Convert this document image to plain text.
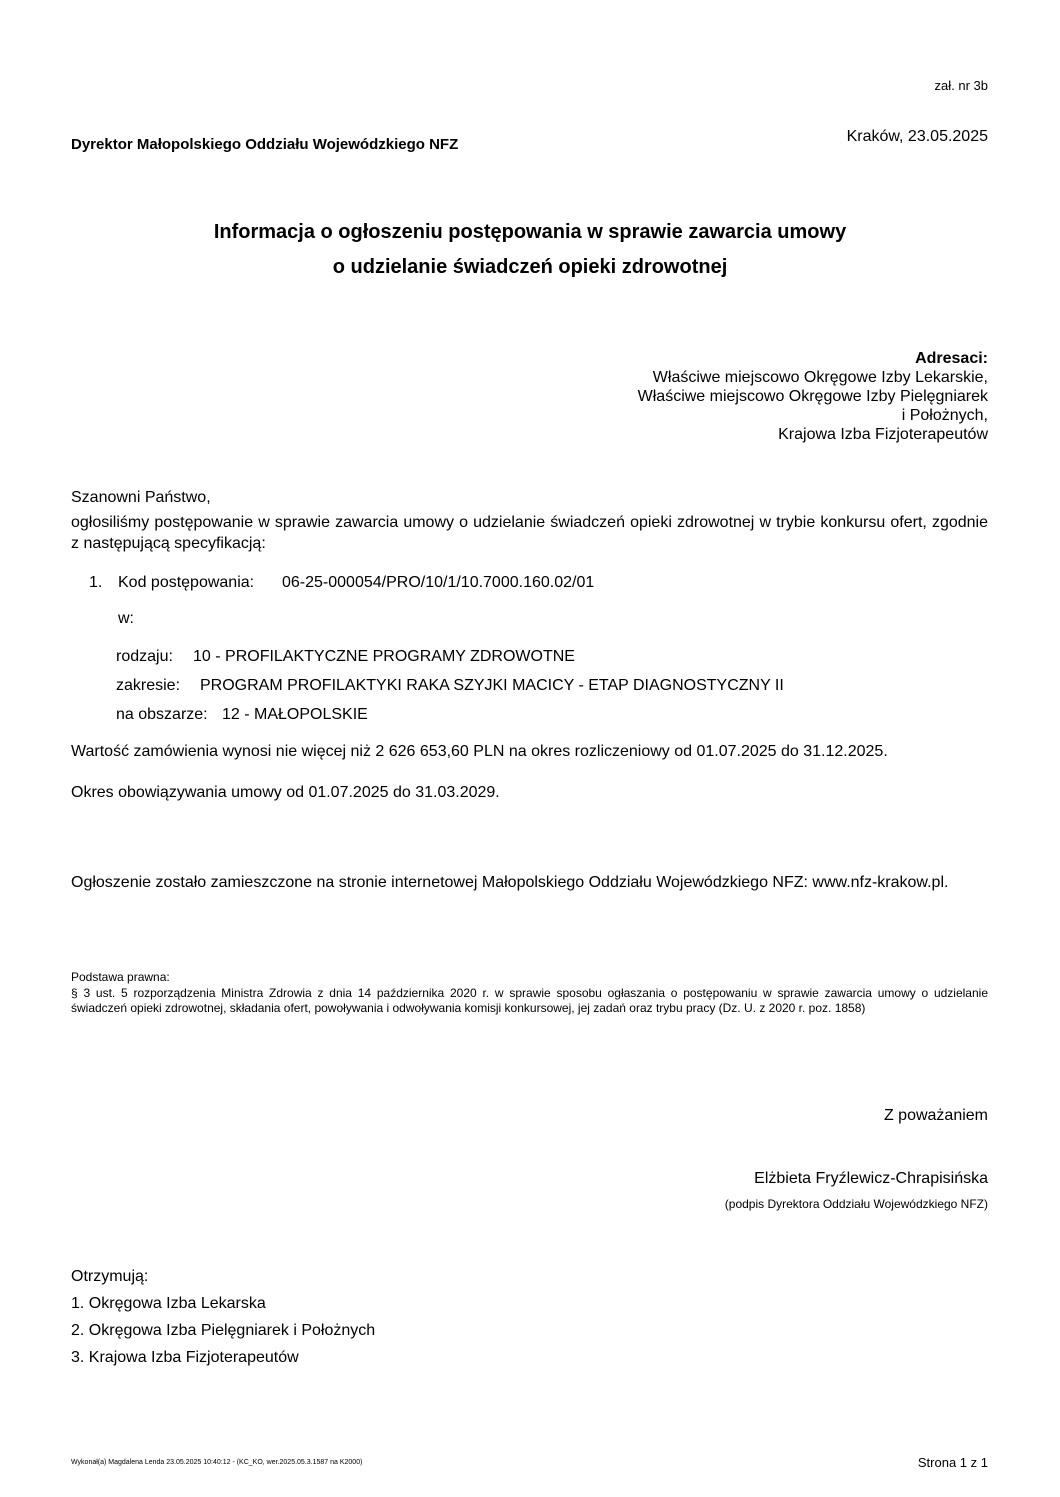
zał. nr 3b
Dyrektor Małopolskiego Oddziału Wojewódzkiego NFZ	Kraków, 23.05.2025
Informacja o ogłoszeniu postępowania w sprawie zawarcia umowy
o udzielanie świadczeń opieki zdrowotnej
Adresaci:
Właściwe miejscowo Okręgowe Izby Lekarskie,
Właściwe miejscowo Okręgowe Izby Pielęgniarek
i Położnych,
Krajowa Izba Fizjoterapeutów
Szanowni Państwo,
ogłosiliśmy postępowanie w sprawie zawarcia umowy o udzielanie świadczeń opieki zdrowotnej w trybie konkursu ofert, zgodnie z następującą specyfikacją:
1. Kod postępowania: 06-25-000054/PRO/10/1/10.7000.160.02/01
w:
rodzaju: 10 - PROFILAKTYCZNE PROGRAMY ZDROWOTNE
zakresie: PROGRAM PROFILAKTYKI RAKA SZYJKI MACICY - ETAP DIAGNOSTYCZNY II
na obszarze: 12 - MAŁOPOLSKIE
Wartość zamówienia wynosi nie więcej niż 2 626 653,60 PLN na okres rozliczeniowy od 01.07.2025 do 31.12.2025.
Okres obowiązywania umowy od 01.07.2025 do 31.03.2029.
Ogłoszenie zostało zamieszczone na stronie internetowej Małopolskiego Oddziału Wojewódzkiego NFZ: www.nfz-krakow.pl.
Podstawa prawna:
§ 3 ust. 5 rozporządzenia Ministra Zdrowia z dnia 14 października 2020 r. w sprawie sposobu ogłaszania o postępowaniu w sprawie zawarcia umowy o udzielanie świadczeń opieki zdrowotnej, składania ofert, powoływania i odwoływania komisji konkursowej, jej zadań oraz trybu pracy (Dz. U. z 2020 r. poz. 1858)
Z poważaniem
Elżbieta Fryźlewicz-Chrapisińska
(podpis Dyrektora Oddziału Wojewódzkiego NFZ)
Otrzymują:
1. Okręgowa Izba Lekarska
2. Okręgowa Izba Pielęgniarek i Położnych
3. Krajowa Izba Fizjoterapeutów
Wykonał(a) Magdalena Lenda 23.05.2025 10:40:12 - (KC_KO, wer.2025.05.3.1587 na K2000)	Strona 1 z 1
